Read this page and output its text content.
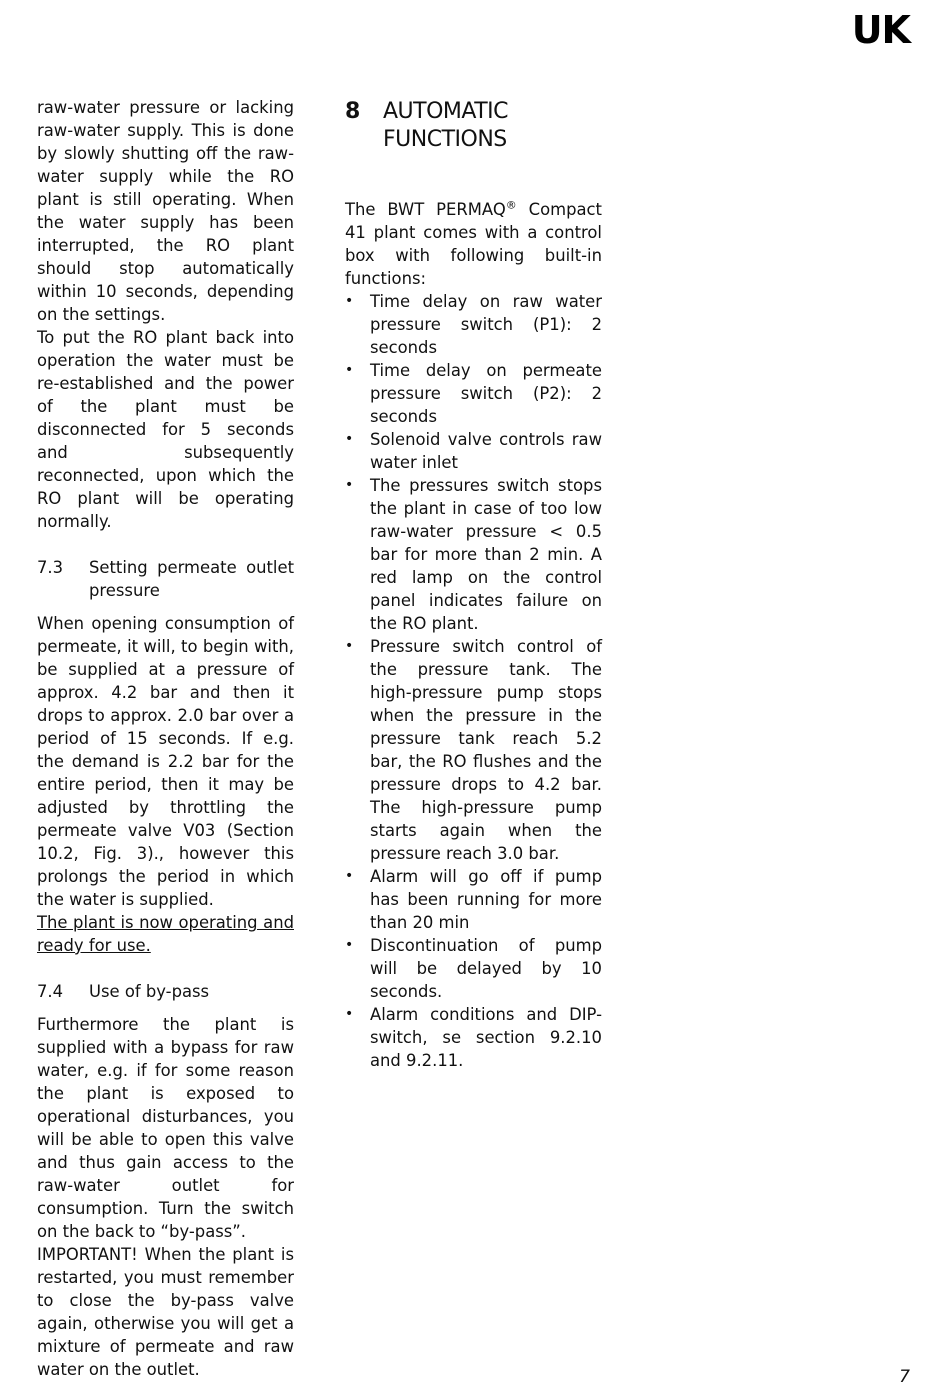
UK

raw-water pressure or lacking raw-water supply. This is done by slowly shutting off the raw-water supply while the RO plant is still operating. When the water supply has been interrupted, the RO plant should stop automatically within 10 seconds, depending on the settings.

To put the RO plant back into operation the water must be re-established and the power of the plant must be disconnected for 5 seconds and subsequently reconnected, upon which the RO plant will be operating normally.

7.3	Setting permeate outlet pressure

When opening consumption of permeate, it will, to begin with, be supplied at a pressure of approx. 4.2 bar and then it drops to approx. 2.0 bar over a period of 15 seconds. If e.g. the demand is 2.2 bar for the entire period, then it may be adjusted by throttling the permeate valve V03 (Section 10.2, Fig. 3)., however this prolongs the period in which the water is supplied.

The plant is now operating and ready for use.

7.4	Use of by-pass

Furthermore the plant is supplied with a bypass for raw water, e.g. if for some reason the plant is exposed to operational disturbances, you will be able to open this valve and thus gain access to the raw-water outlet for consumption. Turn the switch on the back to “by-pass”.

IMPORTANT! When the plant is restarted, you must remember to close the by-pass valve again, otherwise you will get a mixture of permeate and raw water on the outlet.

8	AUTOMATIC
FUNCTIONS

The BWT PERMAQ® Compact 41 plant comes with a control box with following built-in functions:

•	Time delay on raw water pressure switch (P1): 2 seconds
•	Time delay on permeate pressure switch (P2): 2 seconds
•	Solenoid valve controls raw water inlet
•	The pressures switch stops the plant in case of too low raw-water pressure < 0.5 bar for more than 2 min. A red lamp on the control panel indicates failure on the RO plant.
•	Pressure switch control of the pressure tank. The high-pressure pump stops when the pressure in the pressure tank reach 5.2 bar, the RO flushes and the pressure drops to 4.2 bar. The high-pressure pump starts again when the pressure reach 3.0 bar.
•	Alarm will go off if pump has been running for more than 20 min
•	Discontinuation of pump will be delayed by 10 seconds.
•	Alarm conditions and DIP-switch, se section 9.2.10 and 9.2.11.
7
